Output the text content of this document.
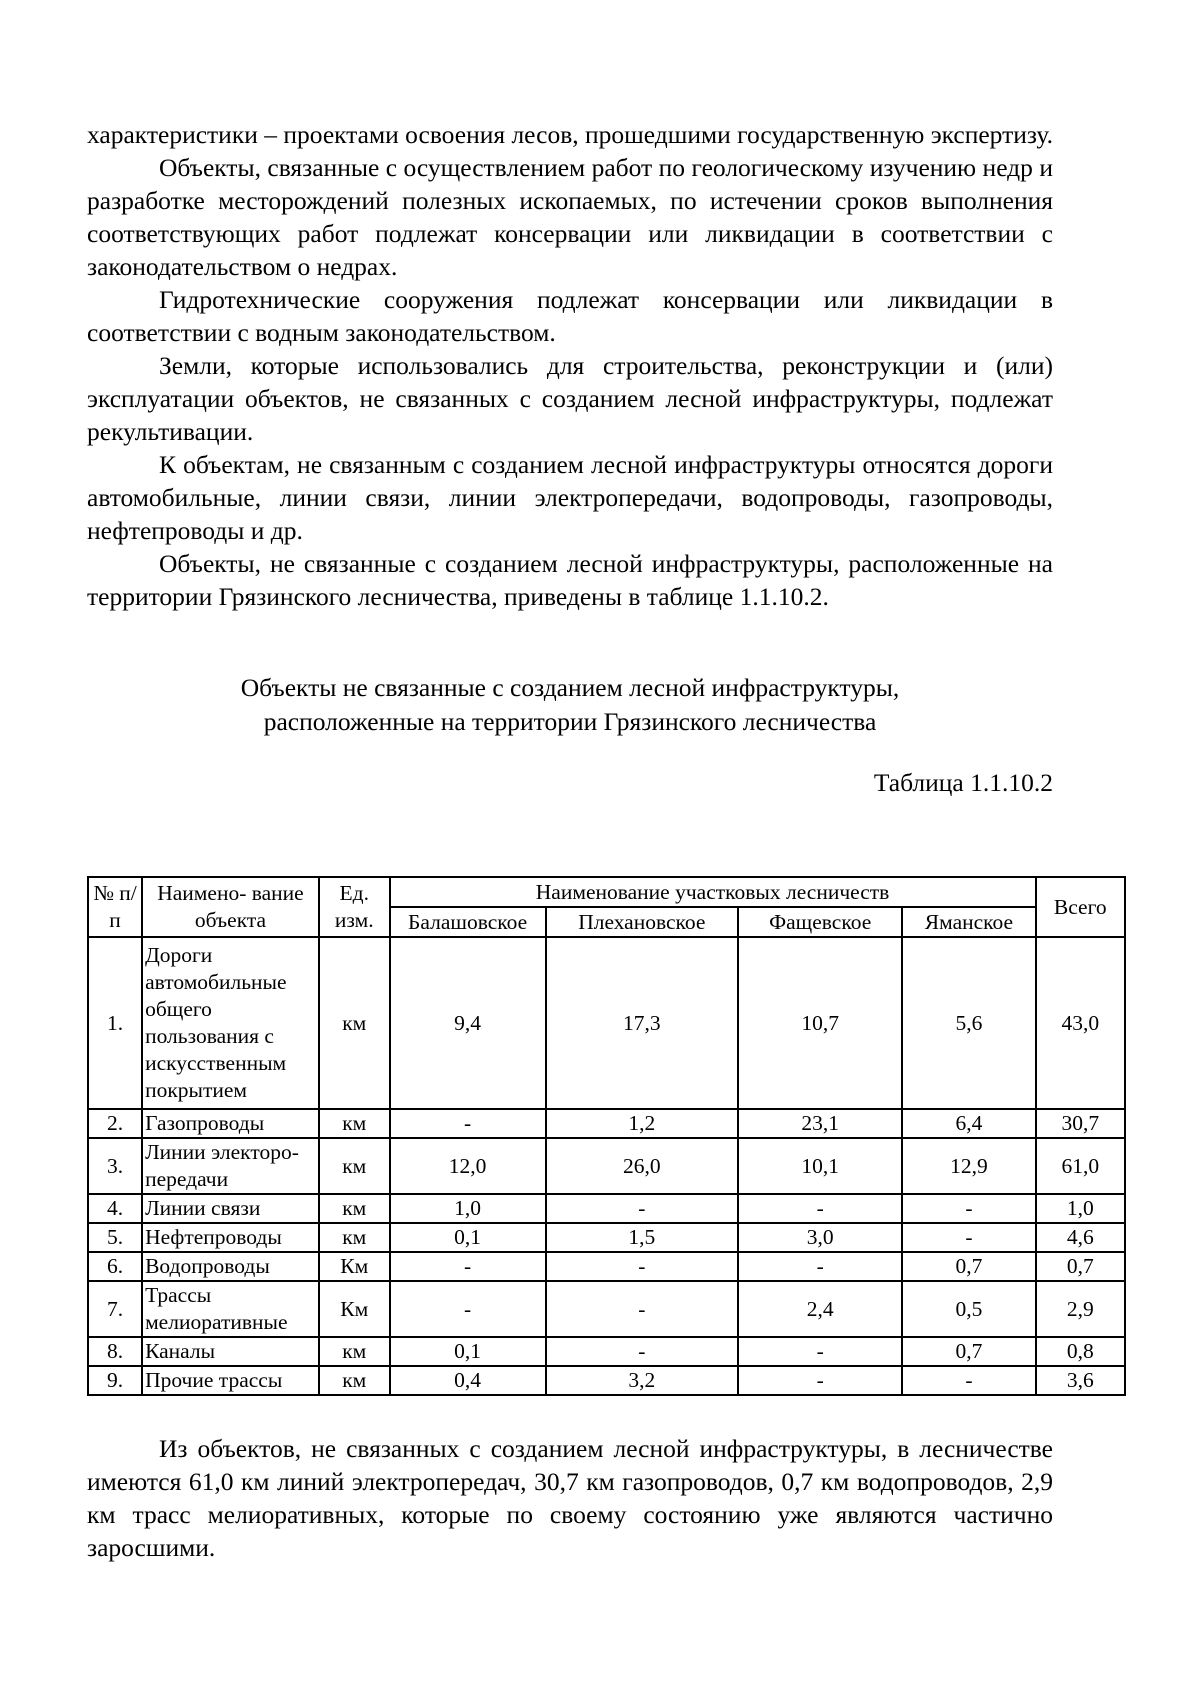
характеристики – проектами освоения лесов, прошедшими государственную экспертизу.

Объекты, связанные с осуществлением работ по геологическому изучению недр и разработке месторождений полезных ископаемых, по истечении сроков выполнения соответствующих работ подлежат консервации или ликвидации в соответствии с законодательством о недрах.

Гидротехнические сооружения подлежат консервации или ликвидации в соответствии с водным законодательством.

Земли, которые использовались для строительства, реконструкции и (или) эксплуатации объектов, не связанных с созданием лесной инфраструктуры, подлежат рекультивации.

К объектам, не связанным с созданием лесной инфраструктуры относятся дороги автомобильные, линии связи, линии электропередачи, водопроводы, газопроводы, нефтепроводы и др.

Объекты, не связанные с созданием лесной инфраструктуры, расположенные на территории Грязинского лесничества, приведены в таблице 1.1.10.2.

Объекты не связанные с созданием лесной инфраструктуры,
расположенные на территории Грязинского лесничества
Таблица 1.1.10.2
№ п/п	Наимено- вание объекта	Ед. изм.	Наименование участковых лесничеств				Всего
			Балашовское	Плехановское	Фащевское	Яманское	
1.	Дороги автомобильные общего пользования с искусственным покрытием	км	9,4	17,3	10,7	5,6	43,0
2.	Газопроводы	км	-	1,2	23,1	6,4	30,7
3.	Линии электоро-передачи	км	12,0	26,0	10,1	12,9	61,0
4.	Линии связи	км	1,0	-	-	-	1,0
5.	Нефтепроводы	км	0,1	1,5	3,0	-	4,6
6.	Водопроводы	Км	-	-	-	0,7	0,7
7.	Трассы мелиоративные	Км	-	-	2,4	0,5	2,9
8.	Каналы	км	0,1	-	-	0,7	0,8
9.	Прочие трассы	км	0,4	3,2	-	-	3,6

Из объектов, не связанных с созданием лесной инфраструктуры, в лесничестве имеются 61,0 км линий электропередач, 30,7 км газопроводов, 0,7 км водопроводов, 2,9 км трасс мелиоративных, которые по своему состоянию уже являются частично заросшими.
